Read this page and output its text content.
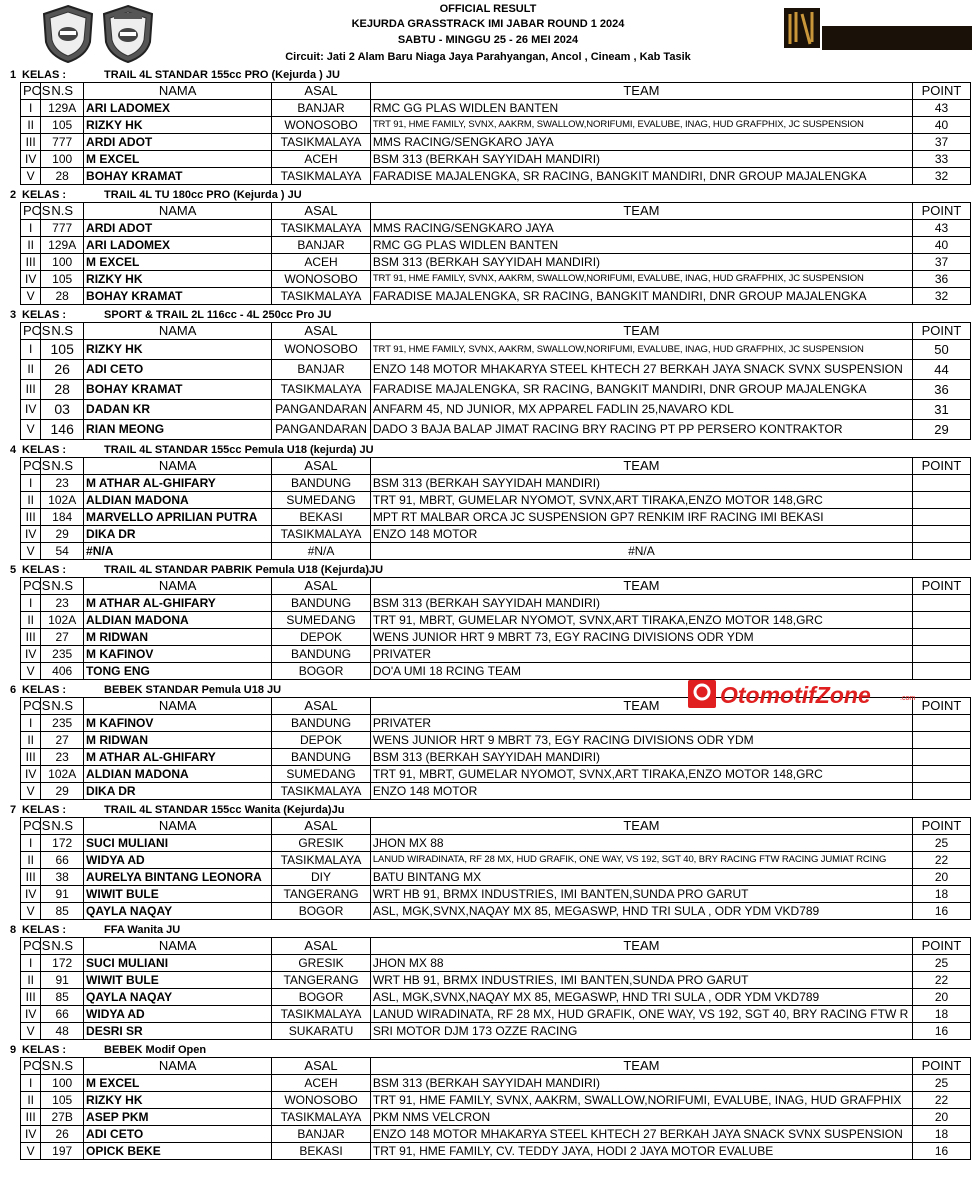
OFFICIAL RESULT
KEJURDA GRASSTRACK IMI JABAR ROUND 1 2024
SABTU - MINGGU 25 - 26 MEI 2024
Circuit: Jati 2 Alam Baru Niaga Jaya Parahyangan, Ancol , Cineam , Kab Tasik
1 KELAS :	TRAIL 4L STANDAR 155cc PRO (Kejurda ) JU
POS	N.S	NAMA	ASAL	TEAM	POINT
I	129A	ARI LADOMEX	BANJAR	RMC GG PLAS WIDLEN BANTEN	43
II	105	RIZKY HK	WONOSOBO	TRT 91, HME FAMILY, SVNX, AAKRM, SWALLOW,NORIFUMI, EVALUBE, INAG, HUD GRAFPHIX, JC SUSPENSION	40
III	777	ARDI ADOT	TASIKMALAYA	MMS RACING/SENGKARO JAYA	37
IV	100	M EXCEL	ACEH	BSM 313 (BERKAH SAYYIDAH MANDIRI)	33
V	28	BOHAY KRAMAT	TASIKMALAYA	FARADISE MAJALENGKA, SR RACING, BANGKIT MANDIRI, DNR GROUP MAJALENGKA	32
2 KELAS :	TRAIL 4L TU 180cc PRO (Kejurda ) JU
POS	N.S	NAMA	ASAL	TEAM	POINT
I	777	ARDI ADOT	TASIKMALAYA	MMS RACING/SENGKARO JAYA	43
II	129A	ARI LADOMEX	BANJAR	RMC GG PLAS WIDLEN BANTEN	40
III	100	M EXCEL	ACEH	BSM 313 (BERKAH SAYYIDAH MANDIRI)	37
IV	105	RIZKY HK	WONOSOBO	TRT 91, HME FAMILY, SVNX, AAKRM, SWALLOW,NORIFUMI, EVALUBE, INAG, HUD GRAFPHIX, JC SUSPENSION	36
V	28	BOHAY KRAMAT	TASIKMALAYA	FARADISE MAJALENGKA, SR RACING, BANGKIT MANDIRI, DNR GROUP MAJALENGKA	32
3 KELAS :	SPORT & TRAIL 2L 116cc - 4L 250cc Pro JU
POS	N.S	NAMA	ASAL	TEAM	POINT
I	105	RIZKY HK	WONOSOBO	TRT 91, HME FAMILY, SVNX, AAKRM, SWALLOW,NORIFUMI, EVALUBE, INAG, HUD GRAFPHIX, JC SUSPENSION	50
II	26	ADI CETO	BANJAR	ENZO 148 MOTOR MHAKARYA STEEL KHTECH 27 BERKAH JAYA SNACK SVNX SUSPENSION	44
III	28	BOHAY KRAMAT	TASIKMALAYA	FARADISE MAJALENGKA, SR RACING, BANGKIT MANDIRI, DNR GROUP MAJALENGKA	36
IV	03	DADAN KR	PANGANDARAN	ANFARM 45, ND JUNIOR, MX APPAREL FADLIN 25,NAVARO KDL	31
V	146	RIAN MEONG	PANGANDARAN	DADO 3 BAJA BALAP JIMAT RACING BRY RACING PT PP PERSERO KONTRAKTOR	29
4 KELAS :	TRAIL 4L STANDAR 155cc Pemula U18 (kejurda) JU
POS	N.S	NAMA	ASAL	TEAM	POINT
I	23	M ATHAR AL-GHIFARY	BANDUNG	BSM 313 (BERKAH SAYYIDAH MANDIRI)	
II	102A	ALDIAN MADONA	SUMEDANG	TRT 91, MBRT, GUMELAR NYOMOT, SVNX,ART TIRAKA,ENZO MOTOR 148,GRC	
III	184	MARVELLO APRILIAN PUTRA	BEKASI	MPT RT MALBAR ORCA JC SUSPENSION GP7 RENKIM IRF RACING IMI BEKASI	
IV	29	DIKA DR	TASIKMALAYA	ENZO 148 MOTOR	
V	54	#N/A	#N/A	#N/A	
5 KELAS :	TRAIL 4L STANDAR PABRIK Pemula U18 (Kejurda)JU
POS	N.S	NAMA	ASAL	TEAM	POINT
I	23	M ATHAR AL-GHIFARY	BANDUNG	BSM 313 (BERKAH SAYYIDAH MANDIRI)	
II	102A	ALDIAN MADONA	SUMEDANG	TRT 91, MBRT, GUMELAR NYOMOT, SVNX,ART TIRAKA,ENZO MOTOR 148,GRC	
III	27	M RIDWAN	DEPOK	WENS JUNIOR HRT 9 MBRT 73, EGY RACING DIVISIONS ODR YDM	
IV	235	M KAFINOV	BANDUNG	PRIVATER	
V	406	TONG ENG	BOGOR	DO'A UMI 18 RCING TEAM	
6 KELAS :	BEBEK STANDAR Pemula U18 JU
POS	N.S	NAMA	ASAL	TEAM	POINT
I	235	M KAFINOV	BANDUNG	PRIVATER	
II	27	M RIDWAN	DEPOK	WENS JUNIOR HRT 9 MBRT 73, EGY RACING DIVISIONS ODR YDM	
III	23	M ATHAR AL-GHIFARY	BANDUNG	BSM 313 (BERKAH SAYYIDAH MANDIRI)	
IV	102A	ALDIAN MADONA	SUMEDANG	TRT 91, MBRT, GUMELAR NYOMOT, SVNX,ART TIRAKA,ENZO MOTOR 148,GRC	
V	29	DIKA DR	TASIKMALAYA	ENZO 148 MOTOR	
7 KELAS :	TRAIL 4L STANDAR 155cc Wanita (Kejurda)Ju
POS	N.S	NAMA	ASAL	TEAM	POINT
I	172	SUCI MULIANI	GRESIK	JHON MX 88	25
II	66	WIDYA AD	TASIKMALAYA	LANUD WIRADINATA, RF 28 MX, HUD GRAFIK, ONE WAY, VS 192, SGT 40, BRY RACING FTW RACING JUMIAT RCING	22
III	38	AURELYA BINTANG LEONORA	DIY	BATU BINTANG MX	20
IV	91	WIWIT BULE	TANGERANG	WRT HB 91, BRMX INDUSTRIES, IMI BANTEN,SUNDA PRO GARUT	18
V	85	QAYLA NAQAY	BOGOR	ASL, MGK,SVNX,NAQAY MX 85, MEGASWP, HND TRI SULA , ODR YDM VKD789	16
8 KELAS :	FFA Wanita JU
POS	N.S	NAMA	ASAL	TEAM	POINT
I	172	SUCI MULIANI	GRESIK	JHON MX 88	25
II	91	WIWIT BULE	TANGERANG	WRT HB 91, BRMX INDUSTRIES, IMI BANTEN,SUNDA PRO GARUT	22
III	85	QAYLA NAQAY	BOGOR	ASL, MGK,SVNX,NAQAY MX 85, MEGASWP, HND TRI SULA , ODR YDM VKD789	20
IV	66	WIDYA AD	TASIKMALAYA	LANUD WIRADINATA, RF 28 MX, HUD GRAFIK, ONE WAY, VS 192, SGT 40, BRY RACING FTW R	18
V	48	DESRI SR	SUKARATU	SRI MOTOR DJM 173 OZZE RACING	16
9 KELAS :	BEBEK Modif Open
POS	N.S	NAMA	ASAL	TEAM	POINT
I	100	M EXCEL	ACEH	BSM 313 (BERKAH SAYYIDAH MANDIRI)	25
II	105	RIZKY HK	WONOSOBO	TRT 91, HME FAMILY, SVNX, AAKRM, SWALLOW,NORIFUMI, EVALUBE, INAG, HUD GRAFPHIX	22
III	27B	ASEP PKM	TASIKMALAYA	PKM NMS VELCRON	20
IV	26	ADI CETO	BANJAR	ENZO 148 MOTOR MHAKARYA STEEL KHTECH 27 BERKAH JAYA SNACK SVNX SUSPENSION	18
V	197	OPICK BEKE	BEKASI	TRT 91, HME FAMILY, CV. TEDDY JAYA, HODI 2 JAYA MOTOR EVALUBE	16
OtomotifZone	.com
